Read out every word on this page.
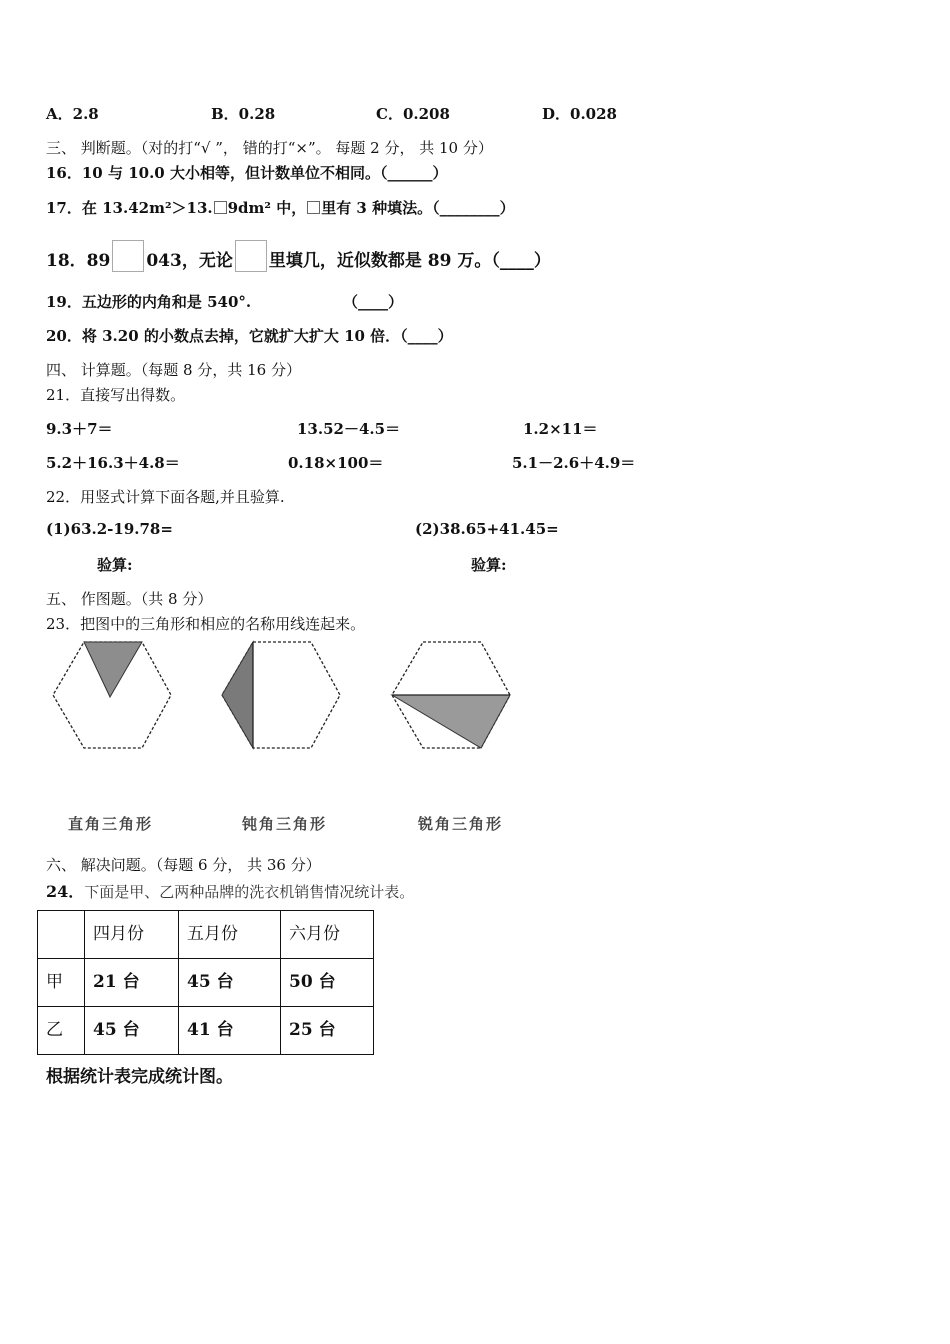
A．2.8	B．0.28	C．0.208	D．0.028
三、 判断题。（对的打“√ ”， 错的打“×”。 每题 2 分， 共 10 分）
16．10 与 10.0 大小相等，但计数单位不相同。（______）
17．在 13.42m²＞13. 9dm² 中， 里有 3 种填法。（________）
18．89 043，无论 里填几，近似数都是 89 万。（____）
19．五边形的内角和是 540°.	（____）
20．将 3.20 的小数点去掉，它就扩大扩大 10 倍．（____）
四、 计算题。（每题 8 分，共 16 分）
21．直接写出得数。
9.3＋7＝	13.52－4.5＝	1.2×11＝
5.2＋16.3＋4.8＝	0.18×100＝	5.1－2.6＋4.9＝
22．用竖式计算下面各题,并且验算.
(1)63.2-19.78=	(2)38.65+41.45=
验算:	验算:
五、 作图题。（共 8 分）
23．把图中的三角形和相应的名称用线连起来。
直角三角形	钝角三角形	锐角三角形
六、 解决问题。（每题 6 分， 共 36 分）
24．下面是甲、乙两种品牌的洗衣机销售情况统计表。
	四月份	五月份	六月份
甲	21 台	45 台	50 台
乙	45 台	41 台	25 台
根据统计表完成统计图。
